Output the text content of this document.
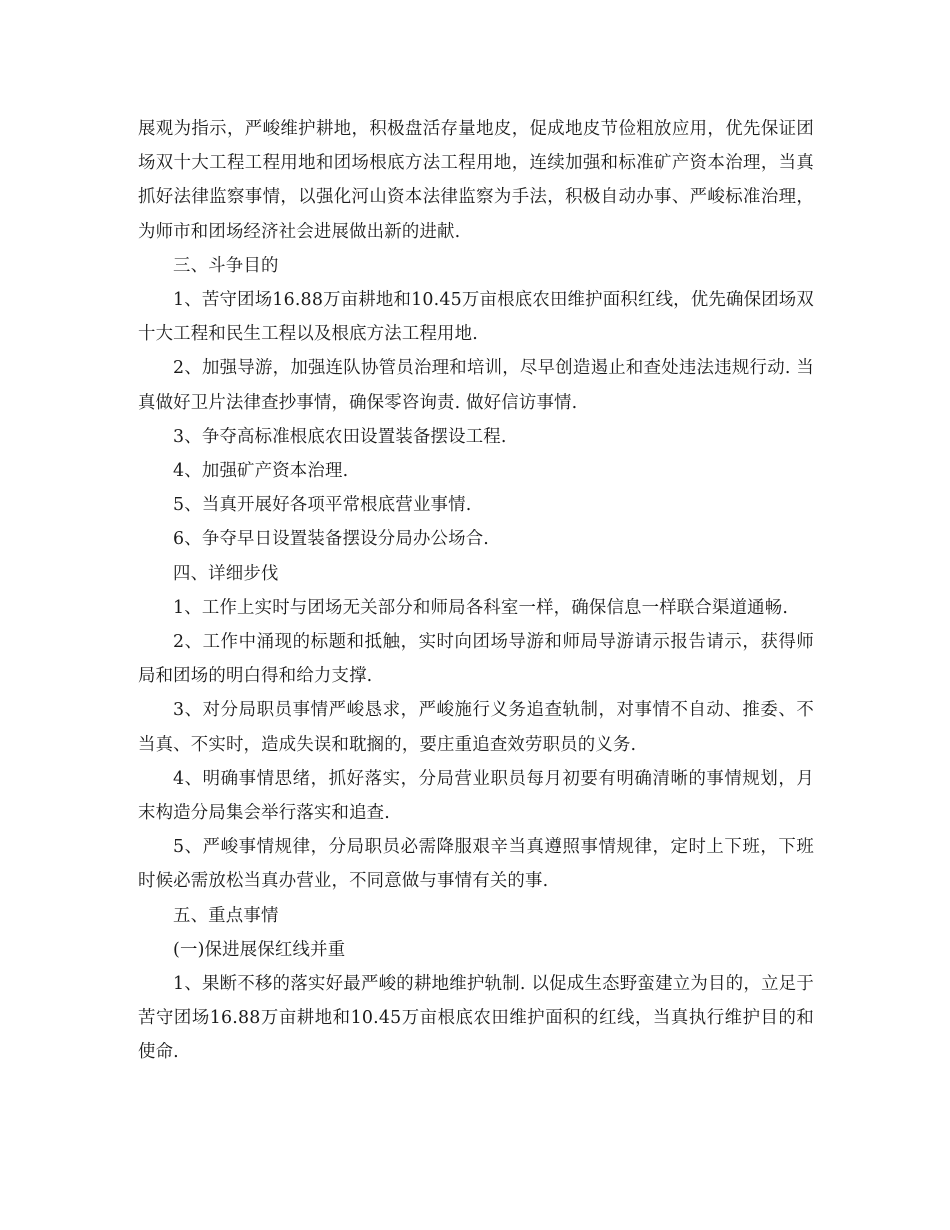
展观为指示，严峻维护耕地，积极盘活存量地皮，促成地皮节俭粗放应用，优先保证团场双十大工程工程用地和团场根底方法工程用地，连续加强和标准矿产资本治理，当真抓好法律监察事情，以强化河山资本法律监察为手法，积极自动办事、严峻标准治理，为师市和团场经济社会进展做出新的进献.

三、斗争目的

1、苦守团场16.88万亩耕地和10.45万亩根底农田维护面积红线，优先确保团场双十大工程和民生工程以及根底方法工程用地.

2、加强导游，加强连队协管员治理和培训，尽早创造遏止和查处违法违规行动. 当真做好卫片法律查抄事情，确保零咨询责. 做好信访事情.

3、争夺高标准根底农田设置装备摆设工程.

4、加强矿产资本治理.

5、当真开展好各项平常根底营业事情.

6、争夺早日设置装备摆设分局办公场合.

四、详细步伐

1、工作上实时与团场无关部分和师局各科室一样，确保信息一样联合渠道通畅.

2、工作中涌现的标题和抵触，实时向团场导游和师局导游请示报告请示，获得师局和团场的明白得和给力支撑.

3、对分局职员事情严峻恳求，严峻施行义务追查轨制，对事情不自动、推委、不当真、不实时，造成失误和耽搁的，要庄重追查效劳职员的义务.

4、明确事情思绪，抓好落实，分局营业职员每月初要有明确清晰的事情规划，月末构造分局集会举行落实和追查.

5、严峻事情规律，分局职员必需降服艰辛当真遵照事情规律，定时上下班，下班时候必需放松当真办营业，不同意做与事情有关的事.

五、重点事情

(一)保进展保红线并重

1、果断不移的落实好最严峻的耕地维护轨制. 以促成生态野蛮建立为目的，立足于苦守团场16.88万亩耕地和10.45万亩根底农田维护面积的红线，当真执行维护目的和使命.
